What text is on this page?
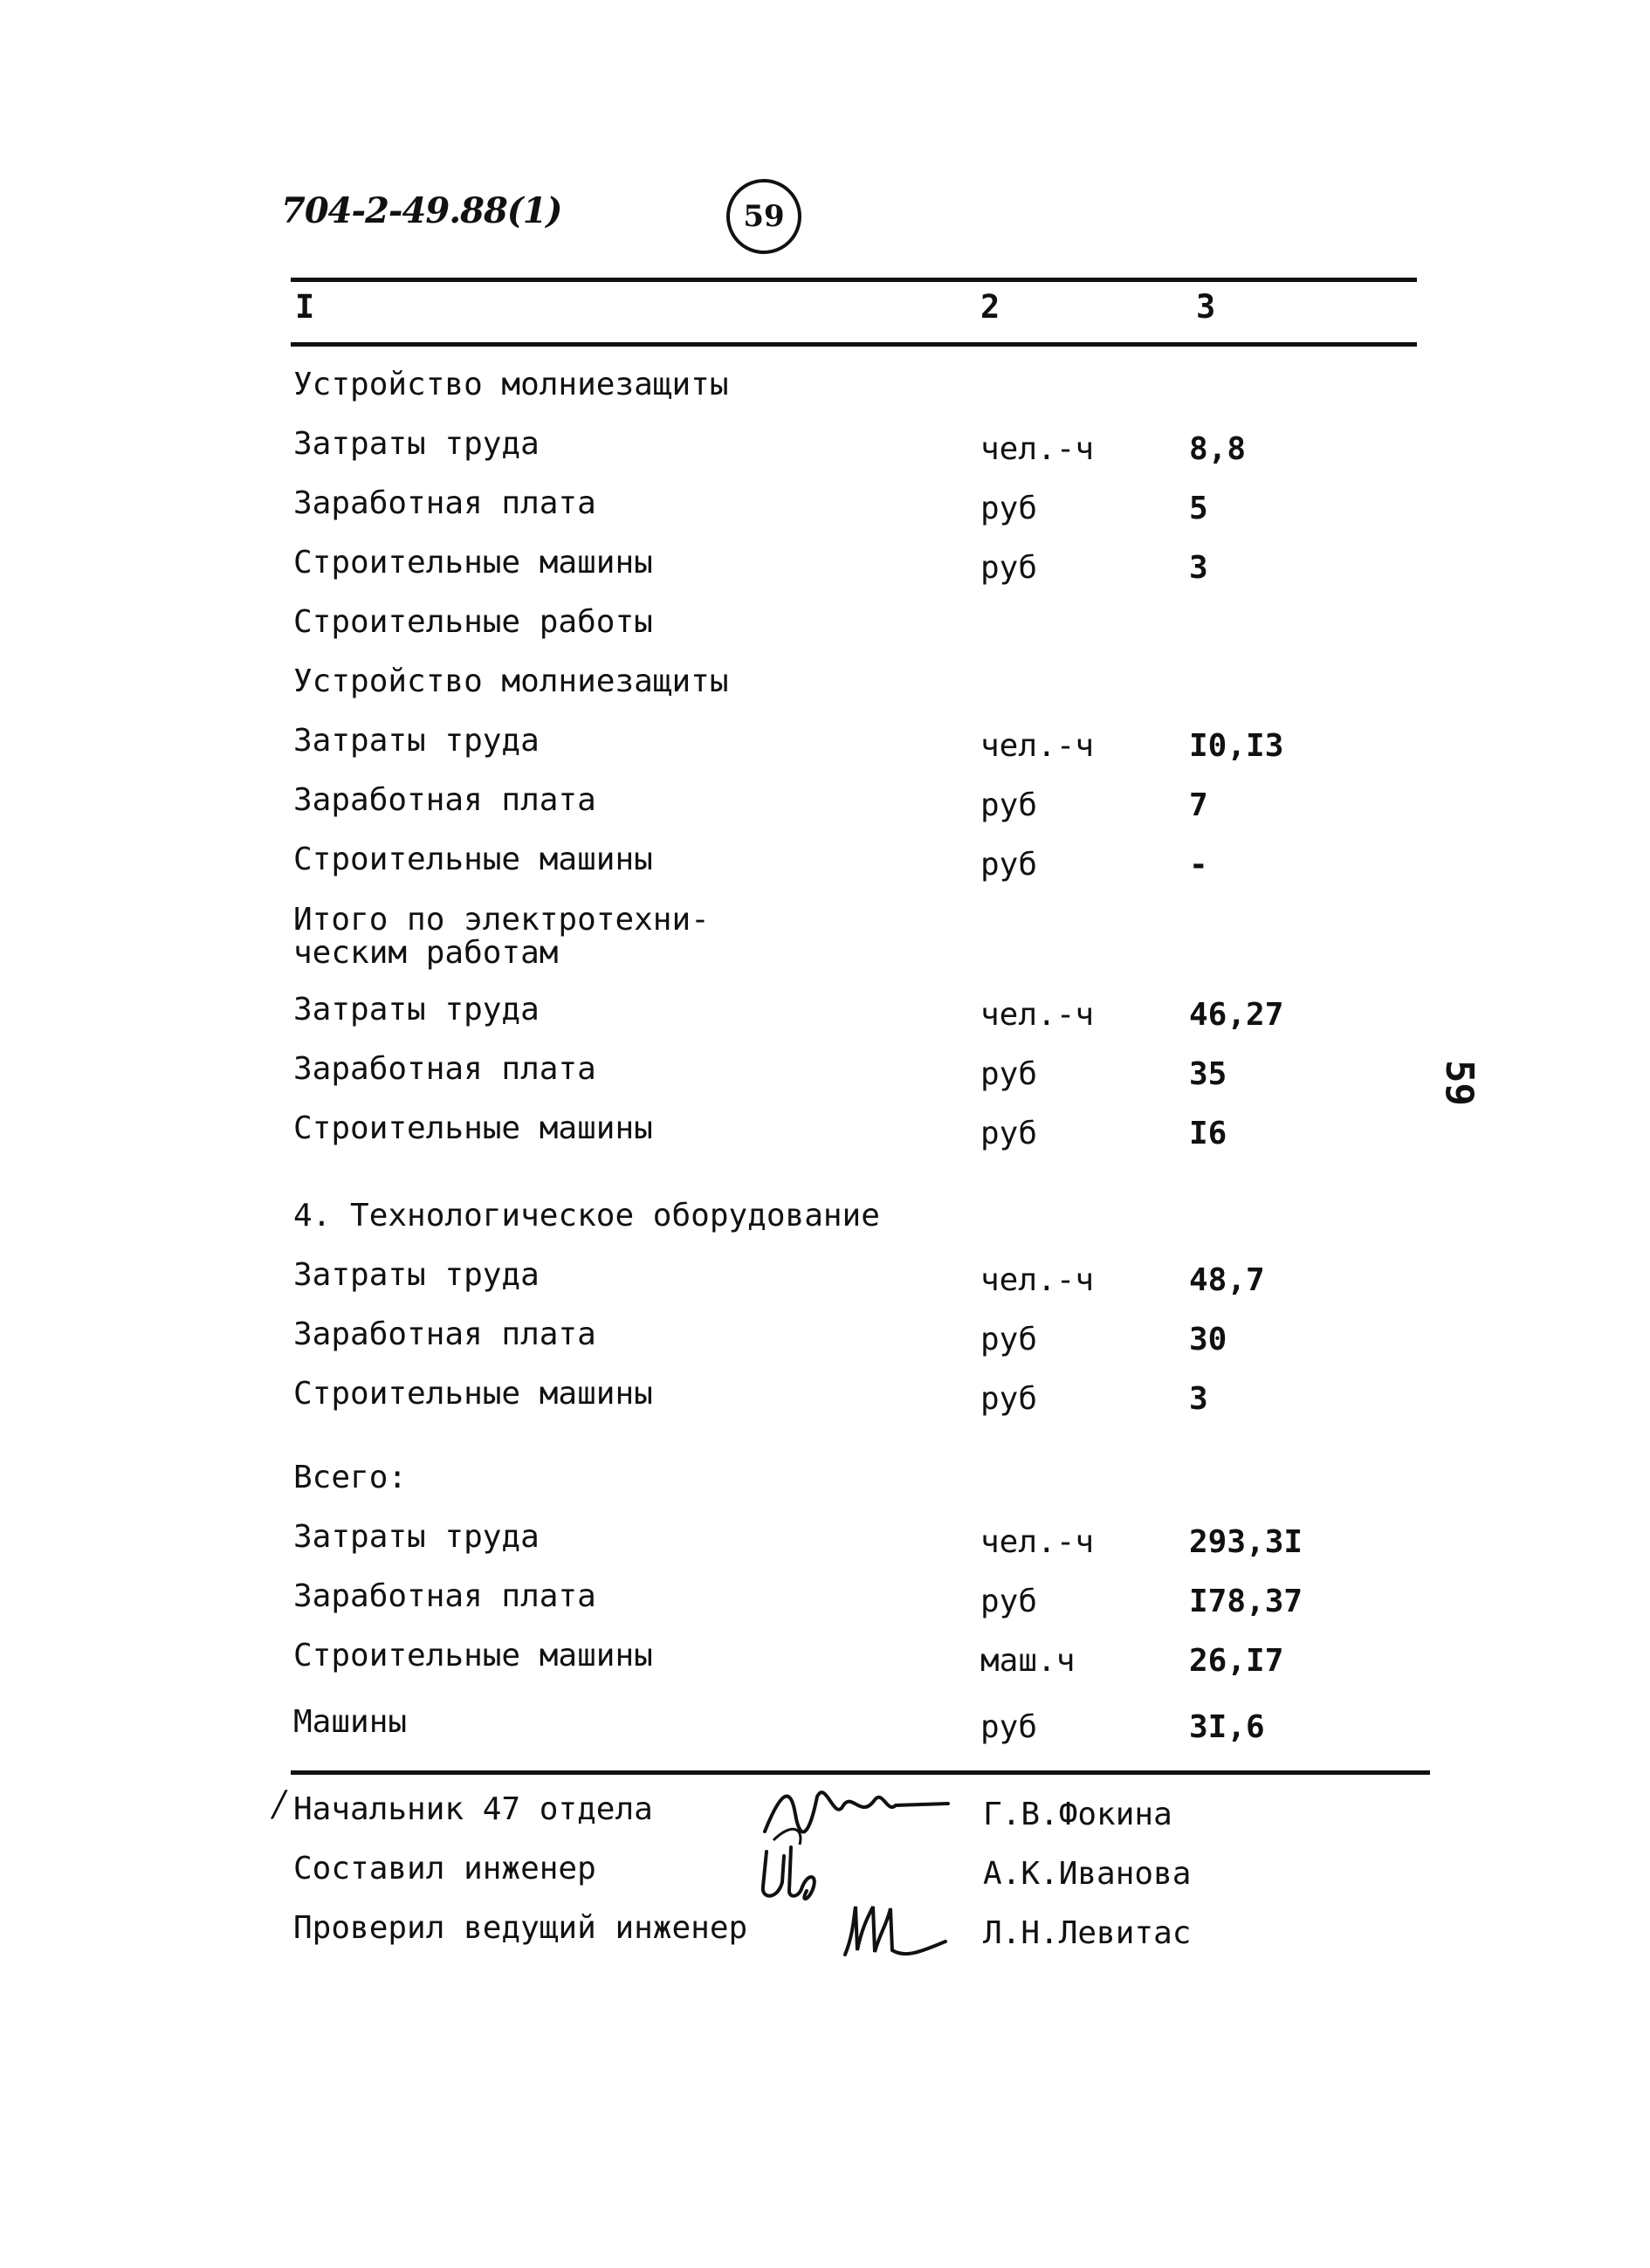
704-2-49.88(1)	59
I	2	3
Устройство молниезащиты
Затраты труда	чел.-ч	8,8
Заработная плата	руб	5
Строительные машины	руб	3
Строительные работы
Устройство молниезащиты
Затраты труда	чел.-ч	I0,I3
Заработная плата	руб	7
Строительные машины	руб	-
Итого по электротехни-
ческим работам
Затраты труда	чел.-ч	46,27
Заработная плата	руб	35
Строительные машины	руб	I6
4. Технологическое оборудование
Затраты труда	чел.-ч	48,7
Заработная плата	руб	30
Строительные машины	руб	3
Всего:
Затраты труда	чел.-ч	293,3I
Заработная плата	руб	I78,37
Строительные машины	маш.ч	26,I7
Машины	руб	3I,6
59
/ Начальник 47 отдела	Г.В.Фокина
Составил инженер	А.К.Иванова
Проверил ведущий инженер	Л.Н.Левитас
